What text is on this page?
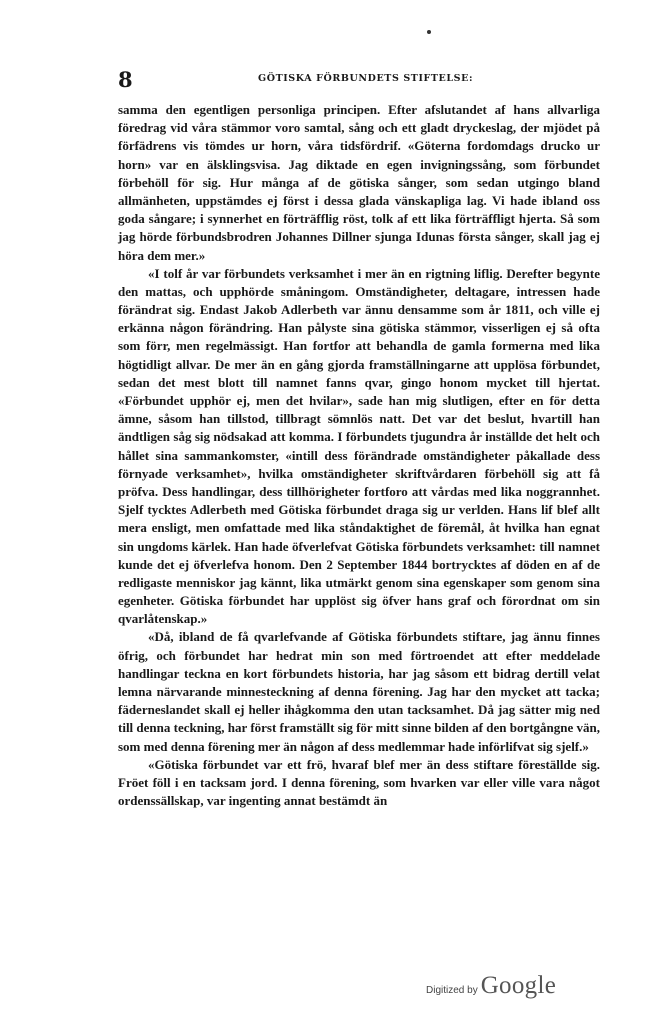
8	GÖTISKA FÖRBUNDETS STIFTELSE:

samma den egentligen personliga principen. Efter afslutandet af hans allvarliga föredrag vid våra stämmor voro samtal, sång och ett gladt dryckeslag, der mjödet på förfädrens vis tömdes ur horn, våra tidsfördrif. «Göterna fordomdags drucko ur horn» var en älsklingsvisa. Jag diktade en egen invigningssång, som förbundet förbehöll för sig. Hur många af de götiska sånger, som sedan utgingo bland allmänheten, uppstämdes ej först i dessa glada vänskapliga lag. Vi hade ibland oss goda sångare; i synnerhet en förträfflig röst, tolk af ett lika förträffligt hjerta. Så som jag hörde förbundsbrodren Johannes Dillner sjunga Idunas första sånger, skall jag ej höra dem mer.»

«I tolf år var förbundets verksamhet i mer än en rigtning liflig. Derefter begynte den mattas, och upphörde småningom. Omständigheter, deltagare, intressen hade förändrat sig. Endast Jakob Adlerbeth var ännu densamme som år 1811, och ville ej erkänna någon förändring. Han pålyste sina götiska stämmor, visserligen ej så ofta som förr, men regelmässigt. Han fortfor att behandla de gamla formerna med lika högtidligt allvar. De mer än en gång gjorda framställningarne att upplösa förbundet, sedan det mest blott till namnet fanns qvar, gingo honom mycket till hjertat. «Förbundet upphör ej, men det hvilar», sade han mig slutligen, efter en för detta ämne, såsom han tillstod, tillbragt sömnlös natt. Det var det beslut, hvartill han ändtligen såg sig nödsakad att komma. I förbundets tjugundra år inställde det helt och hållet sina sammankomster, «intill dess förändrade omständigheter påkallade dess förnyade verksamhet», hvilka omständigheter skriftvårdaren förbehöll sig att få pröfva. Dess handlingar, dess tillhörigheter fortforo att vårdas med lika noggrannhet. Sjelf tycktes Adlerbeth med Götiska förbundet draga sig ur verlden. Hans lif blef allt mera ensligt, men omfattade med lika ståndaktighet de föremål, åt hvilka han egnat sin ungdoms kärlek. Han hade öfverlefvat Götiska förbundets verksamhet: till namnet kunde det ej öfverlefva honom. Den 2 September 1844 bortrycktes af döden en af de redligaste menniskor jag kännt, lika utmärkt genom sina egenskaper som genom sina egenheter. Götiska förbundet har upplöst sig öfver hans graf och förordnat om sin qvarlåtenskap.»

«Då, ibland de få qvarlefvande af Götiska förbundets stiftare, jag ännu finnes öfrig, och förbundet har hedrat min son med förtroendet att efter meddelade handlingar teckna en kort förbundets historia, har jag såsom ett bidrag dertill velat lemna närvarande minnesteckning af denna förening. Jag har den mycket att tacka; fäderneslandet skall ej heller ihågkomma den utan tacksamhet. Då jag sätter mig ned till denna teckning, har först framställt sig för mitt sinne bilden af den bortgångne vän, som med denna förening mer än någon af dess medlemmar hade införlifvat sig sjelf.»

«Götiska förbundet var ett frö, hvaraf blef mer än dess stiftare föreställde sig. Fröet föll i en tacksam jord. I denna förening, som hvarken var eller ville vara något ordenssällskap, var ingenting annat bestämdt än

Digitized by Google
